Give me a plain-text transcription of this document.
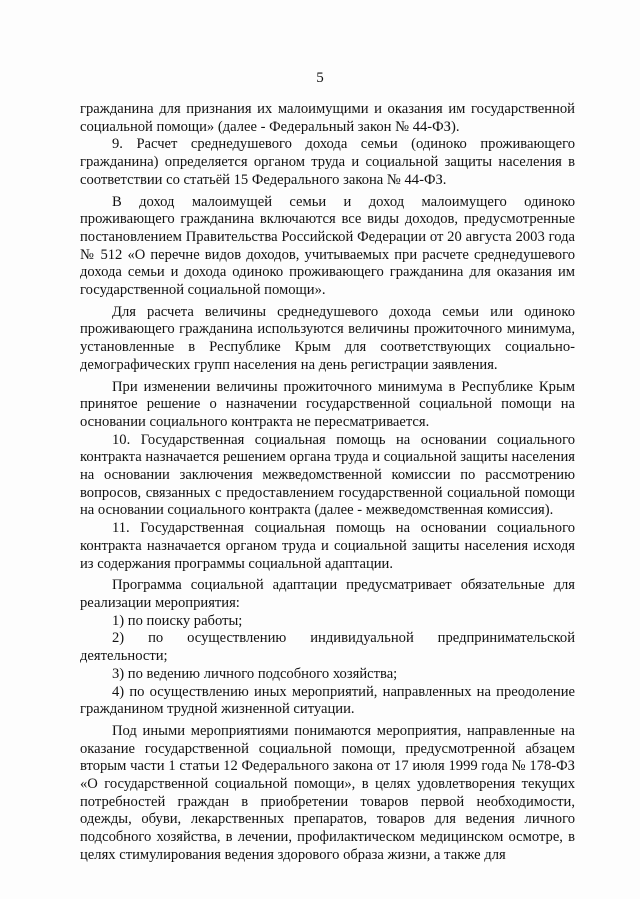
5

гражданина для признания их малоимущими и оказания им государственной социальной помощи» (далее - Федеральный закон № 44-ФЗ).

9. Расчет среднедушевого дохода семьи (одиноко проживающего гражданина) определяется органом труда и социальной защиты населения в соответствии со статьёй 15 Федерального закона № 44-ФЗ.

В доход малоимущей семьи и доход малоимущего одиноко проживающего гражданина включаются все виды доходов, предусмотренные постановлением Правительства Российской Федерации от 20 августа 2003 года № 512 «О перечне видов доходов, учитываемых при расчете среднедушевого дохода семьи и дохода одиноко проживающего гражданина для оказания им государственной социальной помощи».

Для расчета величины среднедушевого дохода семьи или одиноко проживающего гражданина используются величины прожиточного минимума, установленные в Республике Крым для соответствующих социально-демографических групп населения на день регистрации заявления.

При изменении величины прожиточного минимума в Республике Крым принятое решение о назначении государственной социальной помощи на основании социального контракта не пересматривается.

10. Государственная социальная помощь на основании социального контракта назначается решением органа труда и социальной защиты населения на основании заключения межведомственной комиссии по рассмотрению вопросов, связанных с предоставлением государственной социальной помощи на основании социального контракта (далее - межведомственная комиссия).

11. Государственная социальная помощь на основании социального контракта назначается органом труда и социальной защиты населения исходя из содержания программы социальной адаптации.

Программа социальной адаптации предусматривает обязательные для реализации мероприятия:

1) по поиску работы;

2) по осуществлению индивидуальной предпринимательской деятельности;

3) по ведению личного подсобного хозяйства;

4) по осуществлению иных мероприятий, направленных на преодоление гражданином трудной жизненной ситуации.

Под иными мероприятиями понимаются мероприятия, направленные на оказание государственной социальной помощи, предусмотренной абзацем вторым части 1 статьи 12 Федерального закона от 17 июля 1999 года № 178-ФЗ «О государственной социальной помощи», в целях удовлетворения текущих потребностей граждан в приобретении товаров первой необходимости, одежды, обуви, лекарственных препаратов, товаров для ведения личного подсобного хозяйства, в лечении, профилактическом медицинском осмотре, в целях стимулирования ведения здорового образа жизни, а также для
